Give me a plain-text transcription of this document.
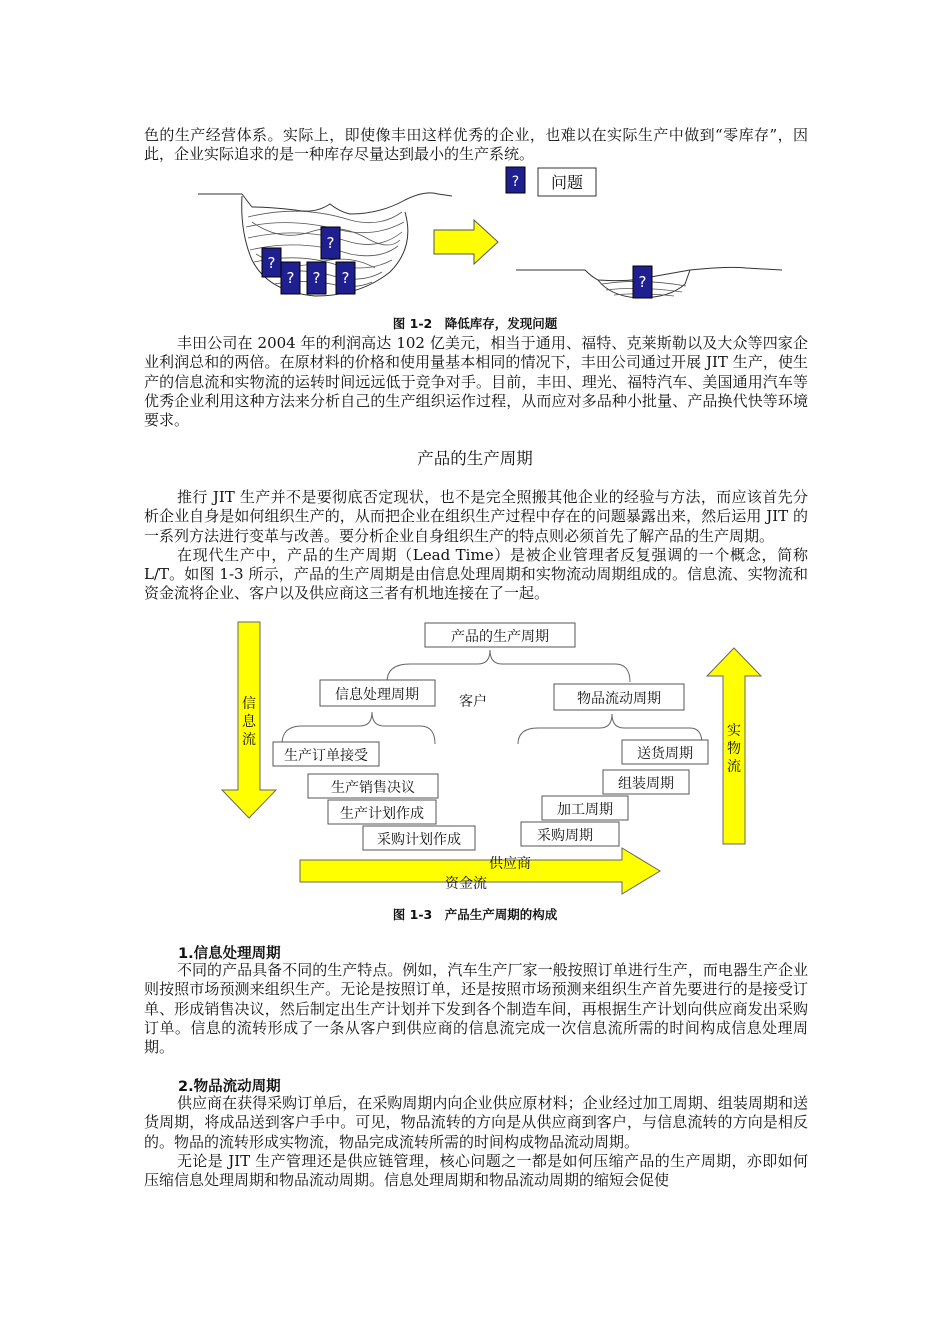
色的生产经营体系。实际上，即使像丰田这样优秀的企业，也难以在实际生产中做到“零库存”，因此，企业实际追求的是一种库存尽量达到最小的生产系统。

?
? ?
?
?
? 问题
?
图 1-2　降低库存，发现问题

丰田公司在 2004 年的利润高达 102 亿美元，相当于通用、福特、克莱斯勒以及大众等四家企业利润总和的两倍。在原材料的价格和使用量基本相同的情况下，丰田公司通过开展 JIT 生产，使生产的信息流和实物流的运转时间远远低于竞争对手。目前，丰田、理光、福特汽车、美国通用汽车等优秀企业利用这种方法来分析自己的生产组织运作过程，从而应对多品种小批量、产品换代快等环境要求。

产品的生产周期

推行 JIT 生产并不是要彻底否定现状，也不是完全照搬其他企业的经验与方法，而应该首先分析企业自身是如何组织生产的，从而把企业在组织生产过程中存在的问题暴露出来，然后运用 JIT 的一系列方法进行变革与改善。要分析企业自身组织生产的特点则必须首先了解产品的生产周期。

在现代生产中，产品的生产周期（Lead Time）是被企业管理者反复强调的一个概念，简称 L/T。如图 1-3 所示，产品的生产周期是由信息处理周期和实物流动周期组成的。信息流、实物流和资金流将企业、客户以及供应商这三者有机地连接在了一起。

信
息
流
实
物
流
资金流
产品的生产周期
信息处理周期	物品流动周期
客户
生产订单接受
生产销售决议
生产计划作成
采购计划作成
送货周期
组装周期
加工周期
采购周期
供应商
图 1-3　产品生产周期的构成
1.信息处理周期

不同的产品具备不同的生产特点。例如，汽车生产厂家一般按照订单进行生产，而电器生产企业则按照市场预测来组织生产。无论是按照订单，还是按照市场预测来组织生产首先要进行的是接受订单、形成销售决议，然后制定出生产计划并下发到各个制造车间，再根据生产计划向供应商发出采购订单。信息的流转形成了一条从客户到供应商的信息流完成一次信息流所需的时间构成信息处理周期。

2.物品流动周期

供应商在获得采购订单后，在采购周期内向企业供应原材料；企业经过加工周期、组装周期和送货周期，将成品送到客户手中。可见，物品流转的方向是从供应商到客户，与信息流转的方向是相反的。物品的流转形成实物流，物品完成流转所需的时间构成物品流动周期。

无论是 JIT 生产管理还是供应链管理，核心问题之一都是如何压缩产品的生产周期，亦即如何压缩信息处理周期和物品流动周期。信息处理周期和物品流动周期的缩短会促使
